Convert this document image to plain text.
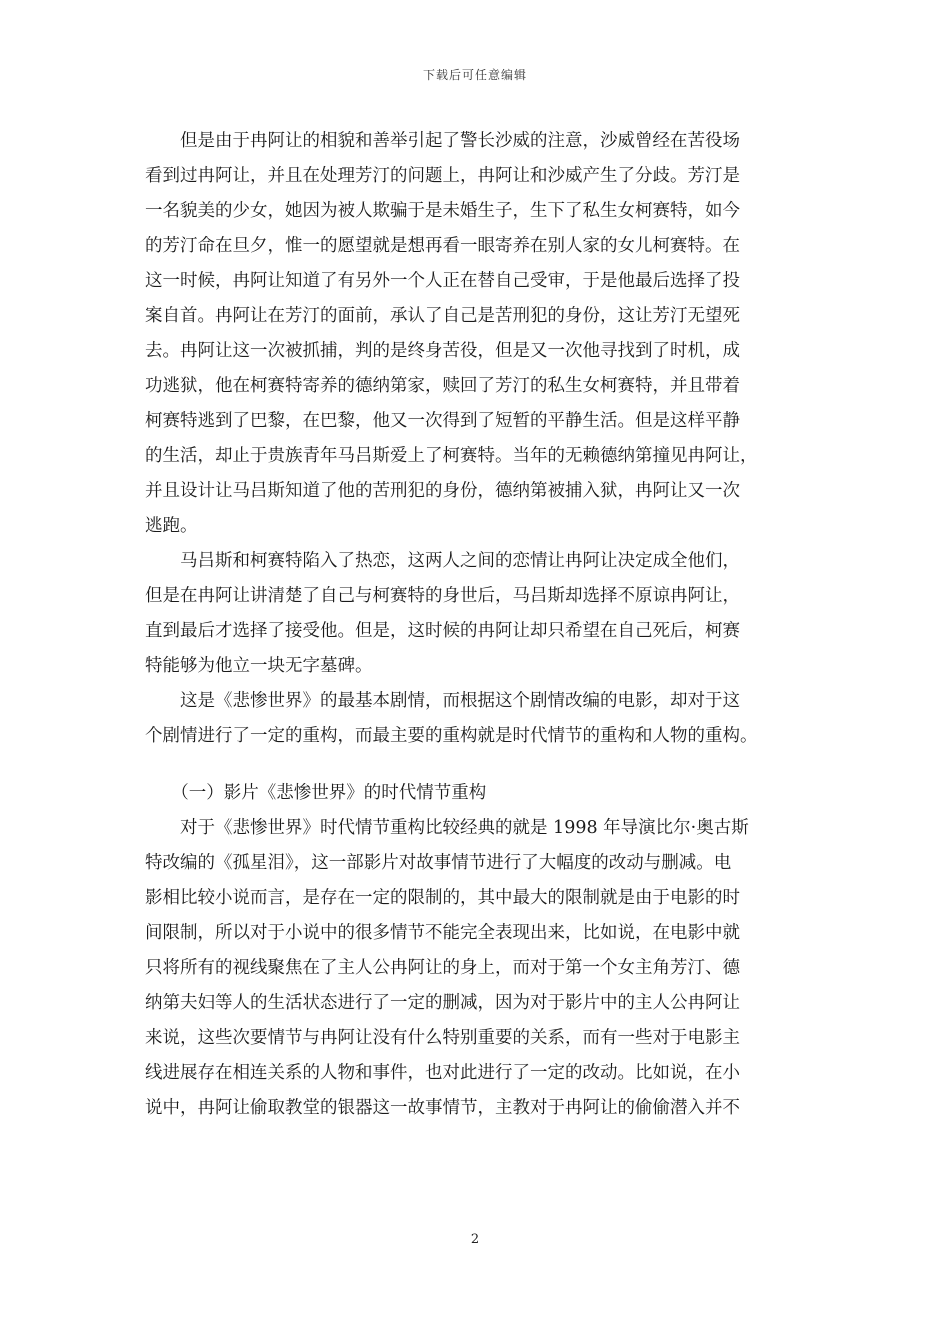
下载后可任意编辑
　　但是由于冉阿让的相貌和善举引起了警长沙威的注意，沙威曾经在苦役场
看到过冉阿让，并且在处理芳汀的问题上，冉阿让和沙威产生了分歧。芳汀是
一名貌美的少女，她因为被人欺骗于是未婚生子，生下了私生女柯赛特，如今
的芳汀命在旦夕，惟一的愿望就是想再看一眼寄养在别人家的女儿柯赛特。在
这一时候，冉阿让知道了有另外一个人正在替自己受审，于是他最后选择了投
案自首。冉阿让在芳汀的面前，承认了自己是苦刑犯的身份，这让芳汀无望死
去。冉阿让这一次被抓捕，判的是终身苦役，但是又一次他寻找到了时机，成
功逃狱，他在柯赛特寄养的德纳第家，赎回了芳汀的私生女柯赛特，并且带着
柯赛特逃到了巴黎，在巴黎，他又一次得到了短暂的平静生活。但是这样平静
的生活，却止于贵族青年马吕斯爱上了柯赛特。当年的无赖德纳第撞见冉阿让，
并且设计让马吕斯知道了他的苦刑犯的身份，德纳第被捕入狱，冉阿让又一次
逃跑。
　　马吕斯和柯赛特陷入了热恋，这两人之间的恋情让冉阿让决定成全他们，
但是在冉阿让讲清楚了自己与柯赛特的身世后，马吕斯却选择不原谅冉阿让，
直到最后才选择了接受他。但是，这时候的冉阿让却只希望在自己死后，柯赛
特能够为他立一块无字墓碑。
　　这是《悲惨世界》的最基本剧情，而根据这个剧情改编的电影，却对于这
个剧情进行了一定的重构，而最主要的重构就是时代情节的重构和人物的重构。
　　（一）影片《悲惨世界》的时代情节重构
　　对于《悲惨世界》时代情节重构比较经典的就是 1998 年导演比尔·奥古斯
特改编的《孤星泪》，这一部影片对故事情节进行了大幅度的改动与删减。电
影相比较小说而言，是存在一定的限制的，其中最大的限制就是由于电影的时
间限制，所以对于小说中的很多情节不能完全表现出来，比如说，在电影中就
只将所有的视线聚焦在了主人公冉阿让的身上，而对于第一个女主角芳汀、德
纳第夫妇等人的生活状态进行了一定的删减，因为对于影片中的主人公冉阿让
来说，这些次要情节与冉阿让没有什么特别重要的关系，而有一些对于电影主
线进展存在相连关系的人物和事件，也对此进行了一定的改动。比如说，在小
说中，冉阿让偷取教堂的银器这一故事情节，主教对于冉阿让的偷偷潜入并不
2
